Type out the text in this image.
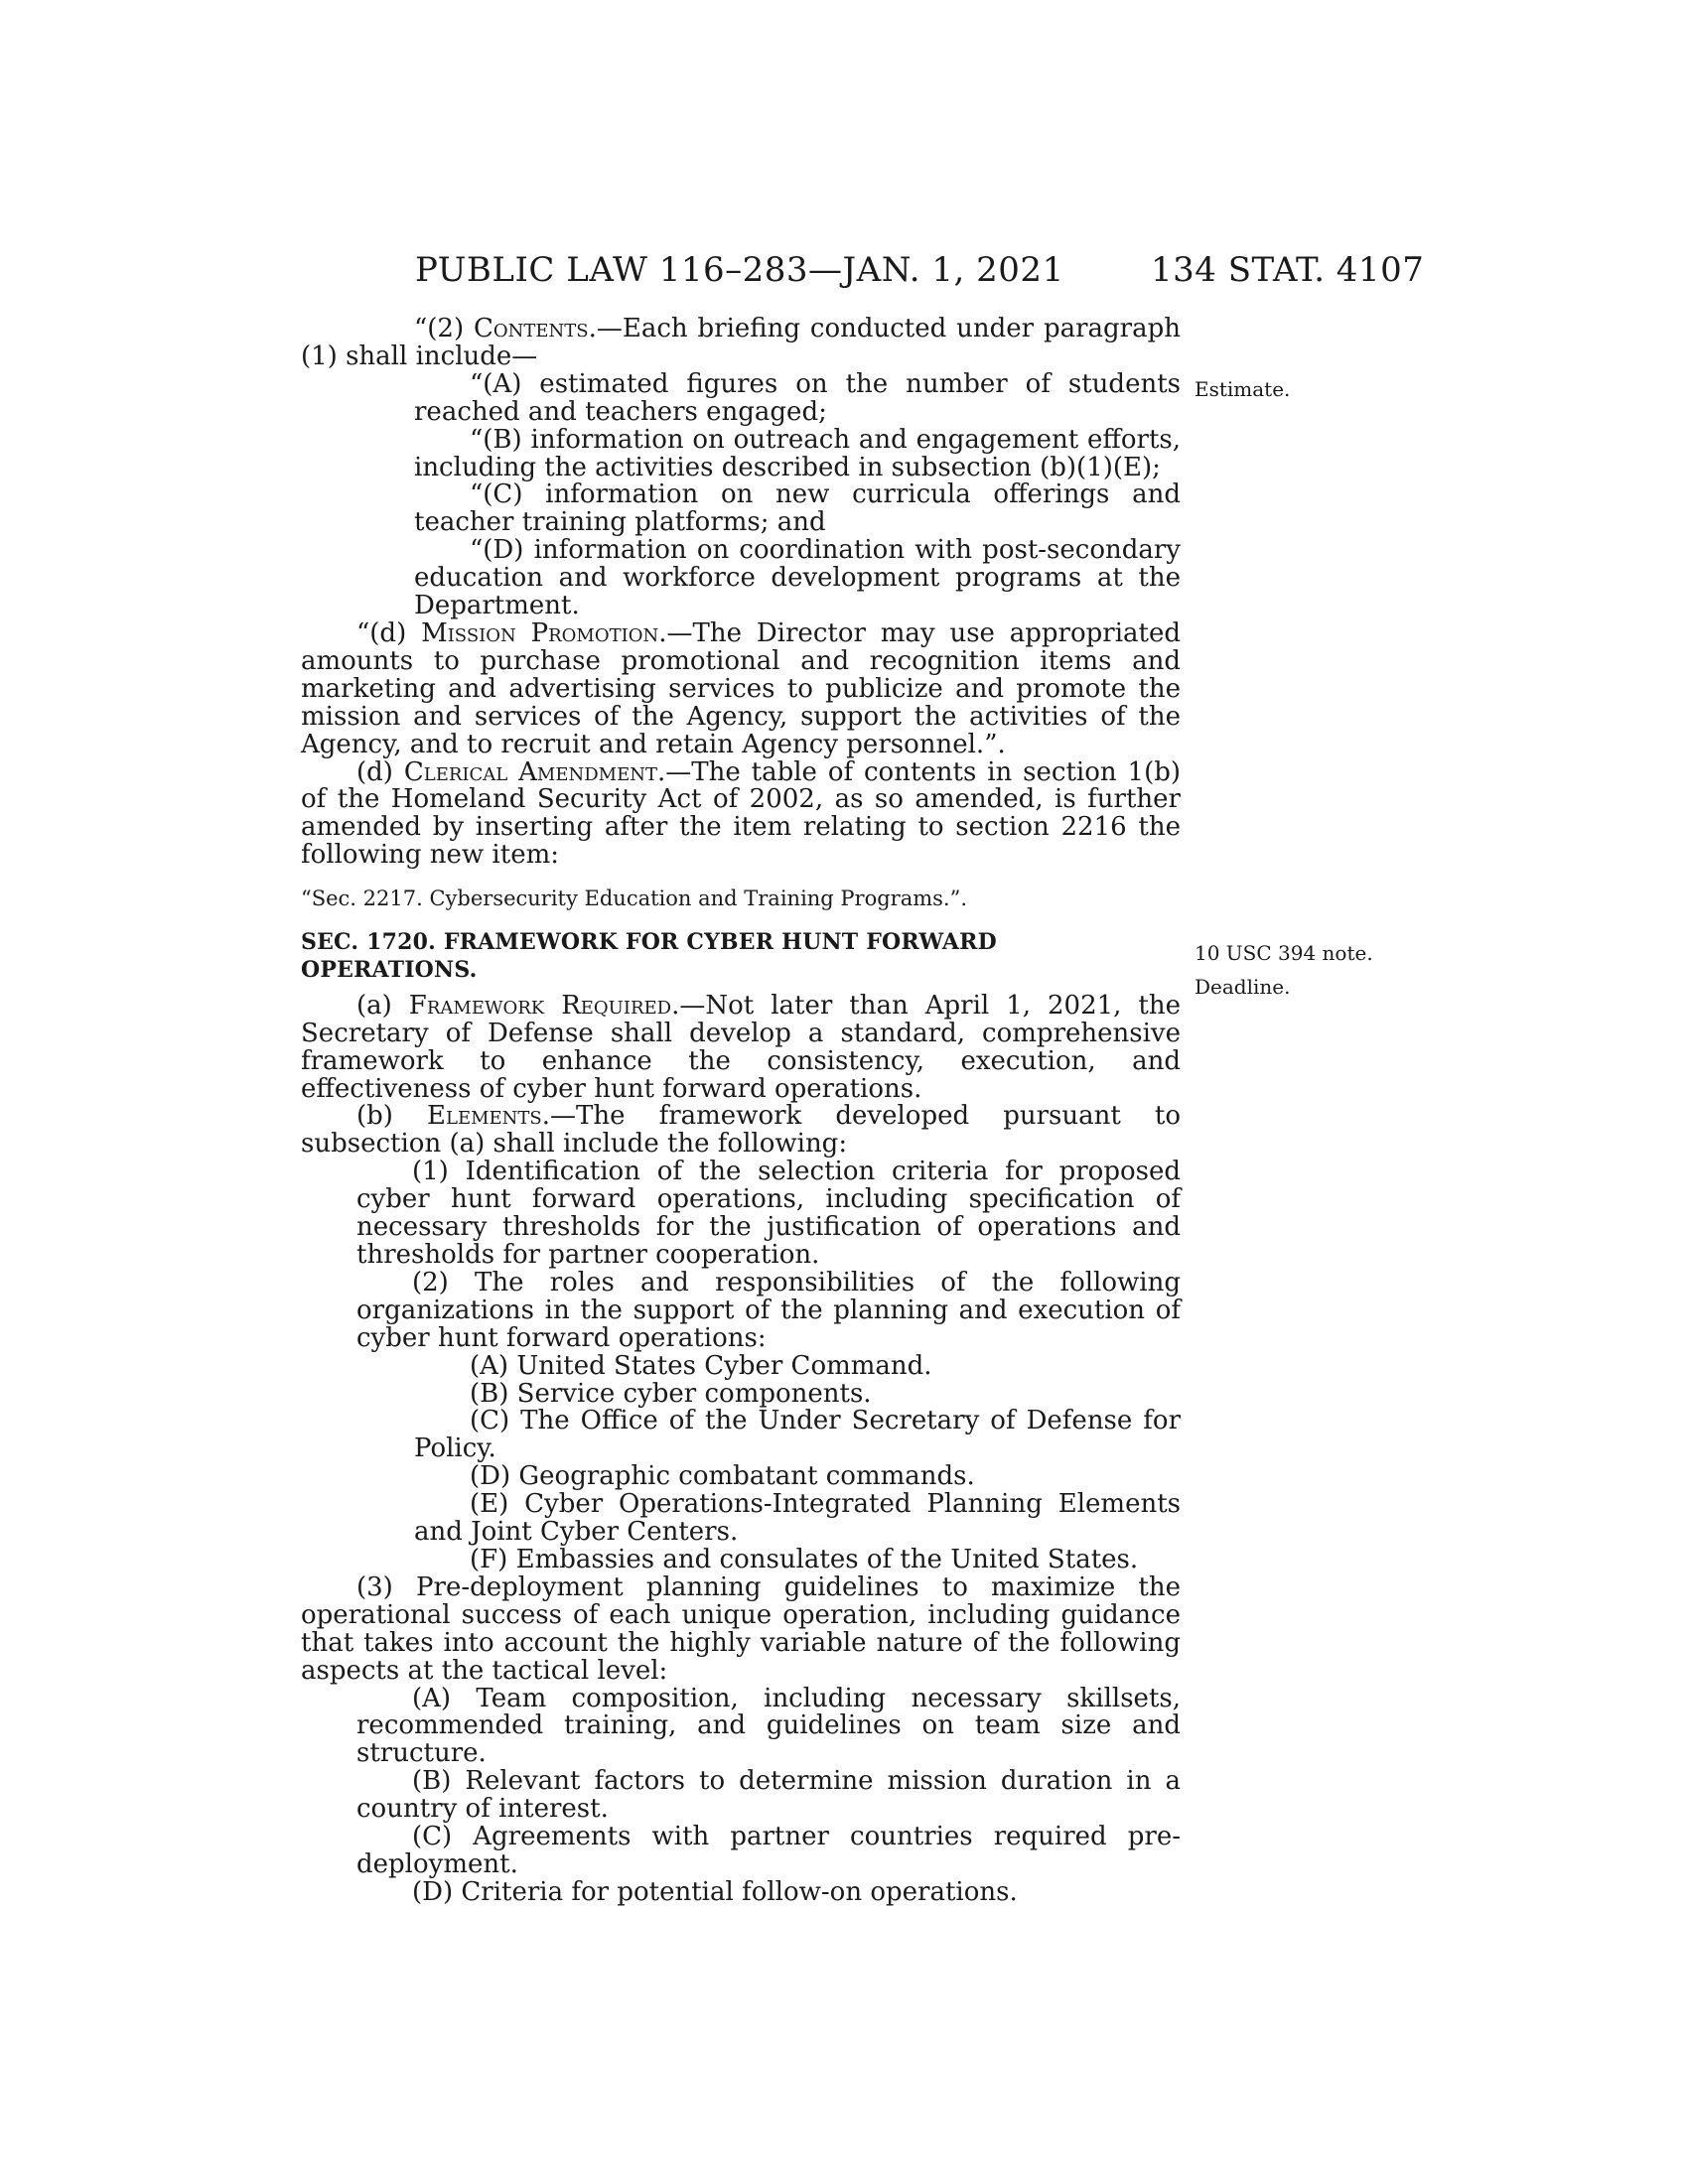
PUBLIC LAW 116–283—JAN. 1, 2021	134 STAT. 4107
Estimate.
10 USC 394 note.
Deadline.

“(2) Contents.—Each briefing conducted under paragraph (1) shall include—

“(A) estimated figures on the number of students reached and teachers engaged;

“(B) information on outreach and engagement efforts, including the activities described in subsection (b)(1)(E);

“(C) information on new curricula offerings and teacher training platforms; and

“(D) information on coordination with post-secondary education and workforce development programs at the Department.

“(d) Mission Promotion.—The Director may use appropriated amounts to purchase promotional and recognition items and marketing and advertising services to publicize and promote the mission and services of the Agency, support the activities of the Agency, and to recruit and retain Agency personnel.”.

(d) Clerical Amendment.—The table of contents in section 1(b) of the Homeland Security Act of 2002, as so amended, is further amended by inserting after the item relating to section 2216 the following new item:

“Sec. 2217. Cybersecurity Education and Training Programs.”.

SEC. 1720. FRAMEWORK FOR CYBER HUNT FORWARD OPERATIONS.

(a) Framework Required.—Not later than April 1, 2021, the Secretary of Defense shall develop a standard, comprehensive framework to enhance the consistency, execution, and effectiveness of cyber hunt forward operations.

(b) Elements.—The framework developed pursuant to subsection (a) shall include the following:

(1) Identification of the selection criteria for proposed cyber hunt forward operations, including specification of necessary thresholds for the justification of operations and thresholds for partner cooperation.

(2) The roles and responsibilities of the following organizations in the support of the planning and execution of cyber hunt forward operations:

(A) United States Cyber Command.

(B) Service cyber components.

(C) The Office of the Under Secretary of Defense for Policy.

(D) Geographic combatant commands.

(E) Cyber Operations-Integrated Planning Elements and Joint Cyber Centers.

(F) Embassies and consulates of the United States.

(3) Pre-deployment planning guidelines to maximize the operational success of each unique operation, including guidance that takes into account the highly variable nature of the following aspects at the tactical level:

(A) Team composition, including necessary skillsets, recommended training, and guidelines on team size and structure.

(B) Relevant factors to determine mission duration in a country of interest.

(C) Agreements with partner countries required pre-deployment.

(D) Criteria for potential follow-on operations.
